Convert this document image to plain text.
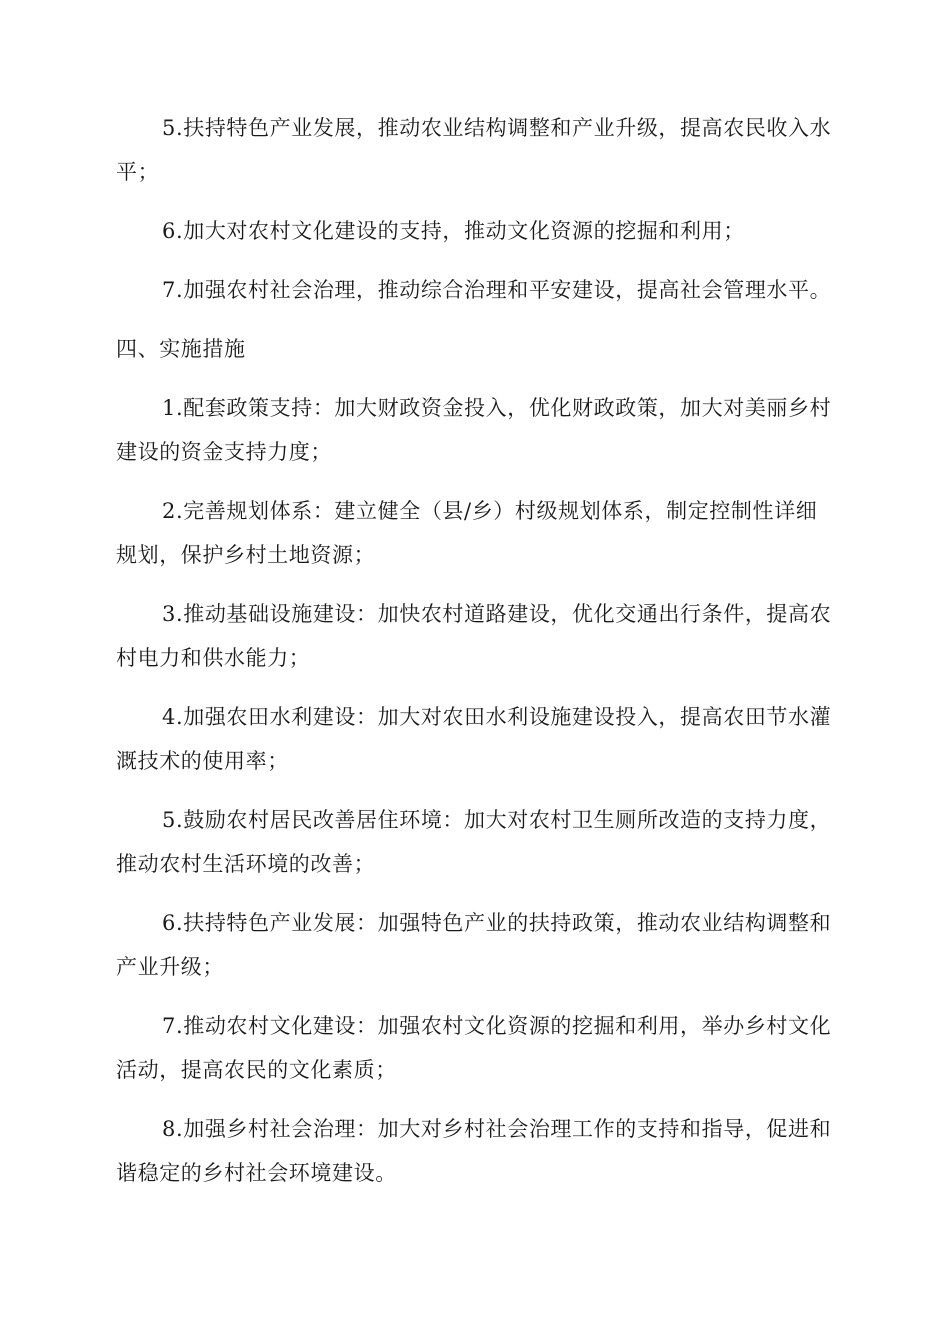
5.扶持特色产业发展，推动农业结构调整和产业升级，提高农民收入水平；

6.加大对农村文化建设的支持，推动文化资源的挖掘和利用；

7.加强农村社会治理，推动综合治理和平安建设，提高社会管理水平。

四、实施措施

1.配套政策支持：加大财政资金投入，优化财政政策，加大对美丽乡村建设的资金支持力度；

2.完善规划体系：建立健全（县/乡）村级规划体系，制定控制性详细规划，保护乡村土地资源；

3.推动基础设施建设：加快农村道路建设，优化交通出行条件，提高农村电力和供水能力；

4.加强农田水利建设：加大对农田水利设施建设投入，提高农田节水灌溉技术的使用率；

5.鼓励农村居民改善居住环境：加大对农村卫生厕所改造的支持力度，推动农村生活环境的改善；

6.扶持特色产业发展：加强特色产业的扶持政策，推动农业结构调整和产业升级；

7.推动农村文化建设：加强农村文化资源的挖掘和利用，举办乡村文化活动，提高农民的文化素质；

8.加强乡村社会治理：加大对乡村社会治理工作的支持和指导，促进和谐稳定的乡村社会环境建设。
